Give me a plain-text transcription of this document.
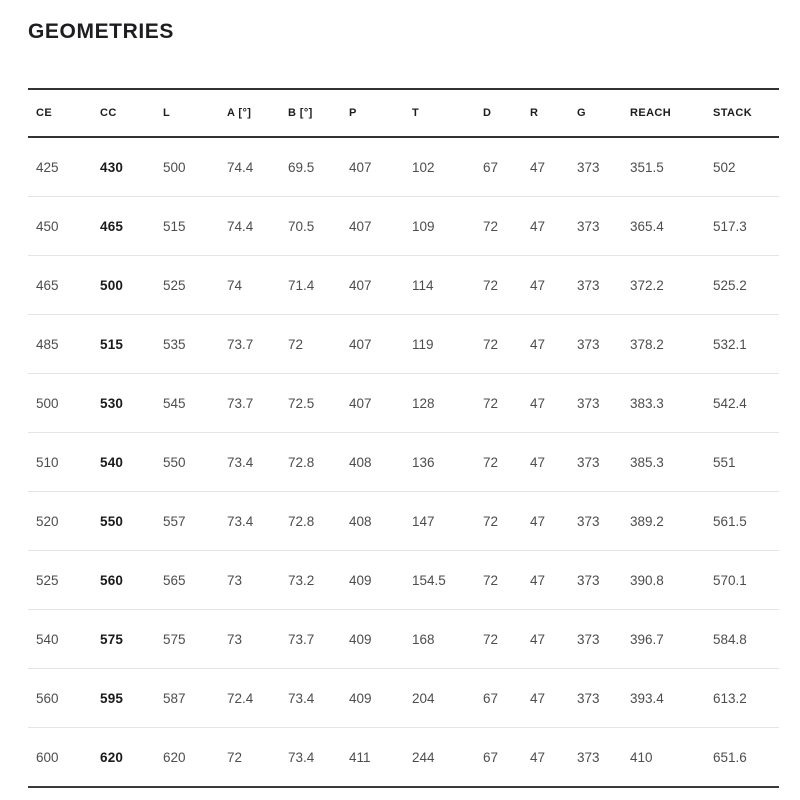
GEOMETRIES
CE	CC	L	A [°]	B [°]	P	T	D	R	G	REACH	STACK
425	430	500	74.4	69.5	407	102	67	47	373	351.5	502
450	465	515	74.4	70.5	407	109	72	47	373	365.4	517.3
465	500	525	74	71.4	407	114	72	47	373	372.2	525.2
485	515	535	73.7	72	407	119	72	47	373	378.2	532.1
500	530	545	73.7	72.5	407	128	72	47	373	383.3	542.4
510	540	550	73.4	72.8	408	136	72	47	373	385.3	551
520	550	557	73.4	72.8	408	147	72	47	373	389.2	561.5
525	560	565	73	73.2	409	154.5	72	47	373	390.8	570.1
540	575	575	73	73.7	409	168	72	47	373	396.7	584.8
560	595	587	72.4	73.4	409	204	67	47	373	393.4	613.2
600	620	620	72	73.4	411	244	67	47	373	410	651.6
